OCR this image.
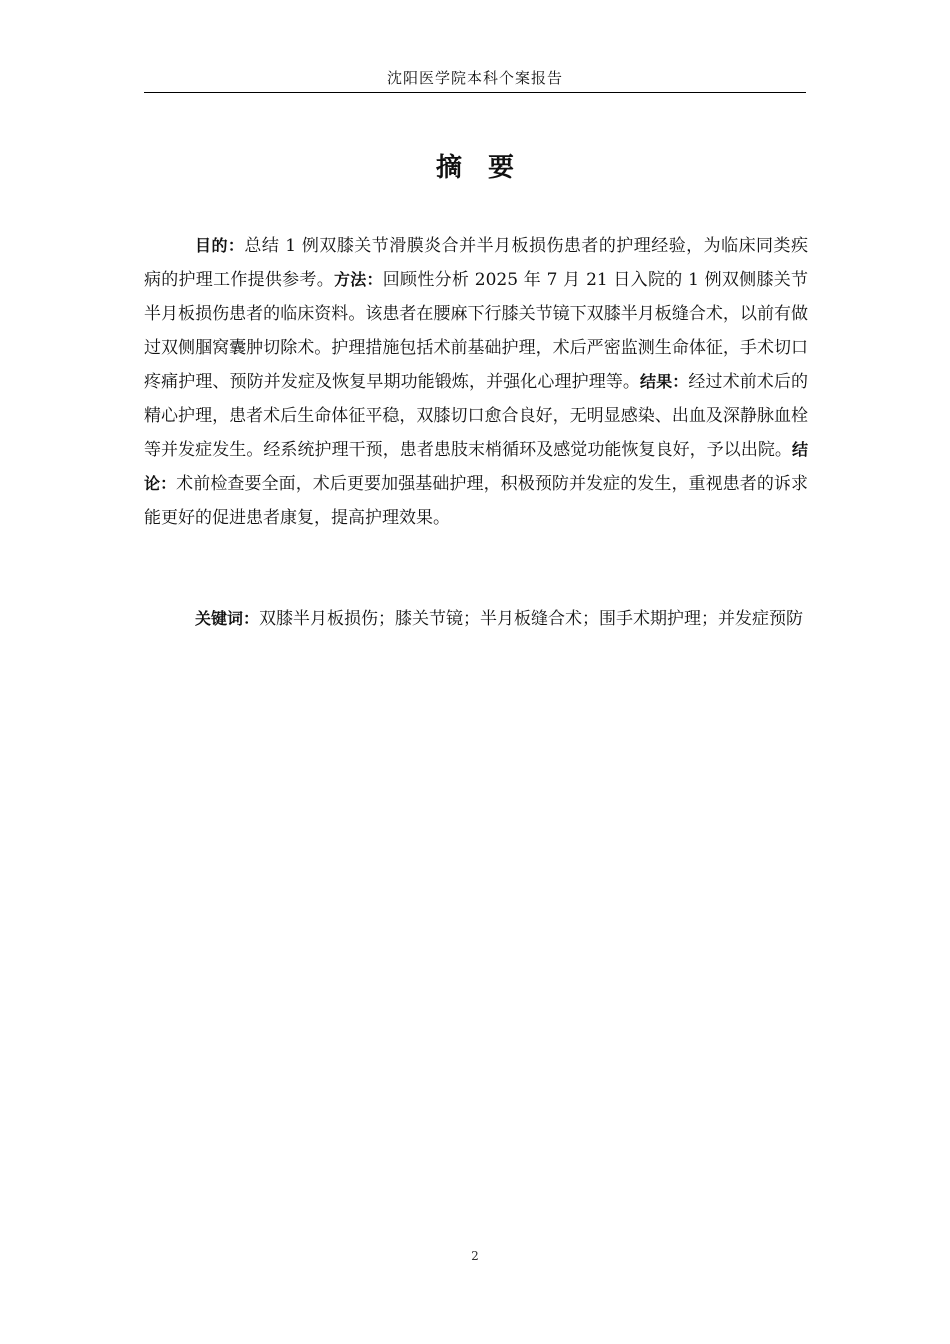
沈阳医学院本科个案报告
摘要

目的：总结 1 例双膝关节滑膜炎合并半月板损伤患者的护理经验，为临床同类疾病的护理工作提供参考。方法：回顾性分析 2025 年 7 月 21 日入院的 1 例双侧膝关节半月板损伤患者的临床资料。该患者在腰麻下行膝关节镜下双膝半月板缝合术，以前有做过双侧腘窝囊肿切除术。护理措施包括术前基础护理，术后严密监测生命体征，手术切口疼痛护理、预防并发症及恢复早期功能锻炼，并强化心理护理等。结果：经过术前术后的精心护理，患者术后生命体征平稳，双膝切口愈合良好，无明显感染、出血及深静脉血栓等并发症发生。经系统护理干预，患者患肢末梢循环及感觉功能恢复良好，予以出院。结论：术前检查要全面，术后更要加强基础护理，积极预防并发症的发生，重视患者的诉求能更好的促进患者康复，提高护理效果。

关键词：双膝半月板损伤；膝关节镜；半月板缝合术；围手术期护理；并发症预防

2
